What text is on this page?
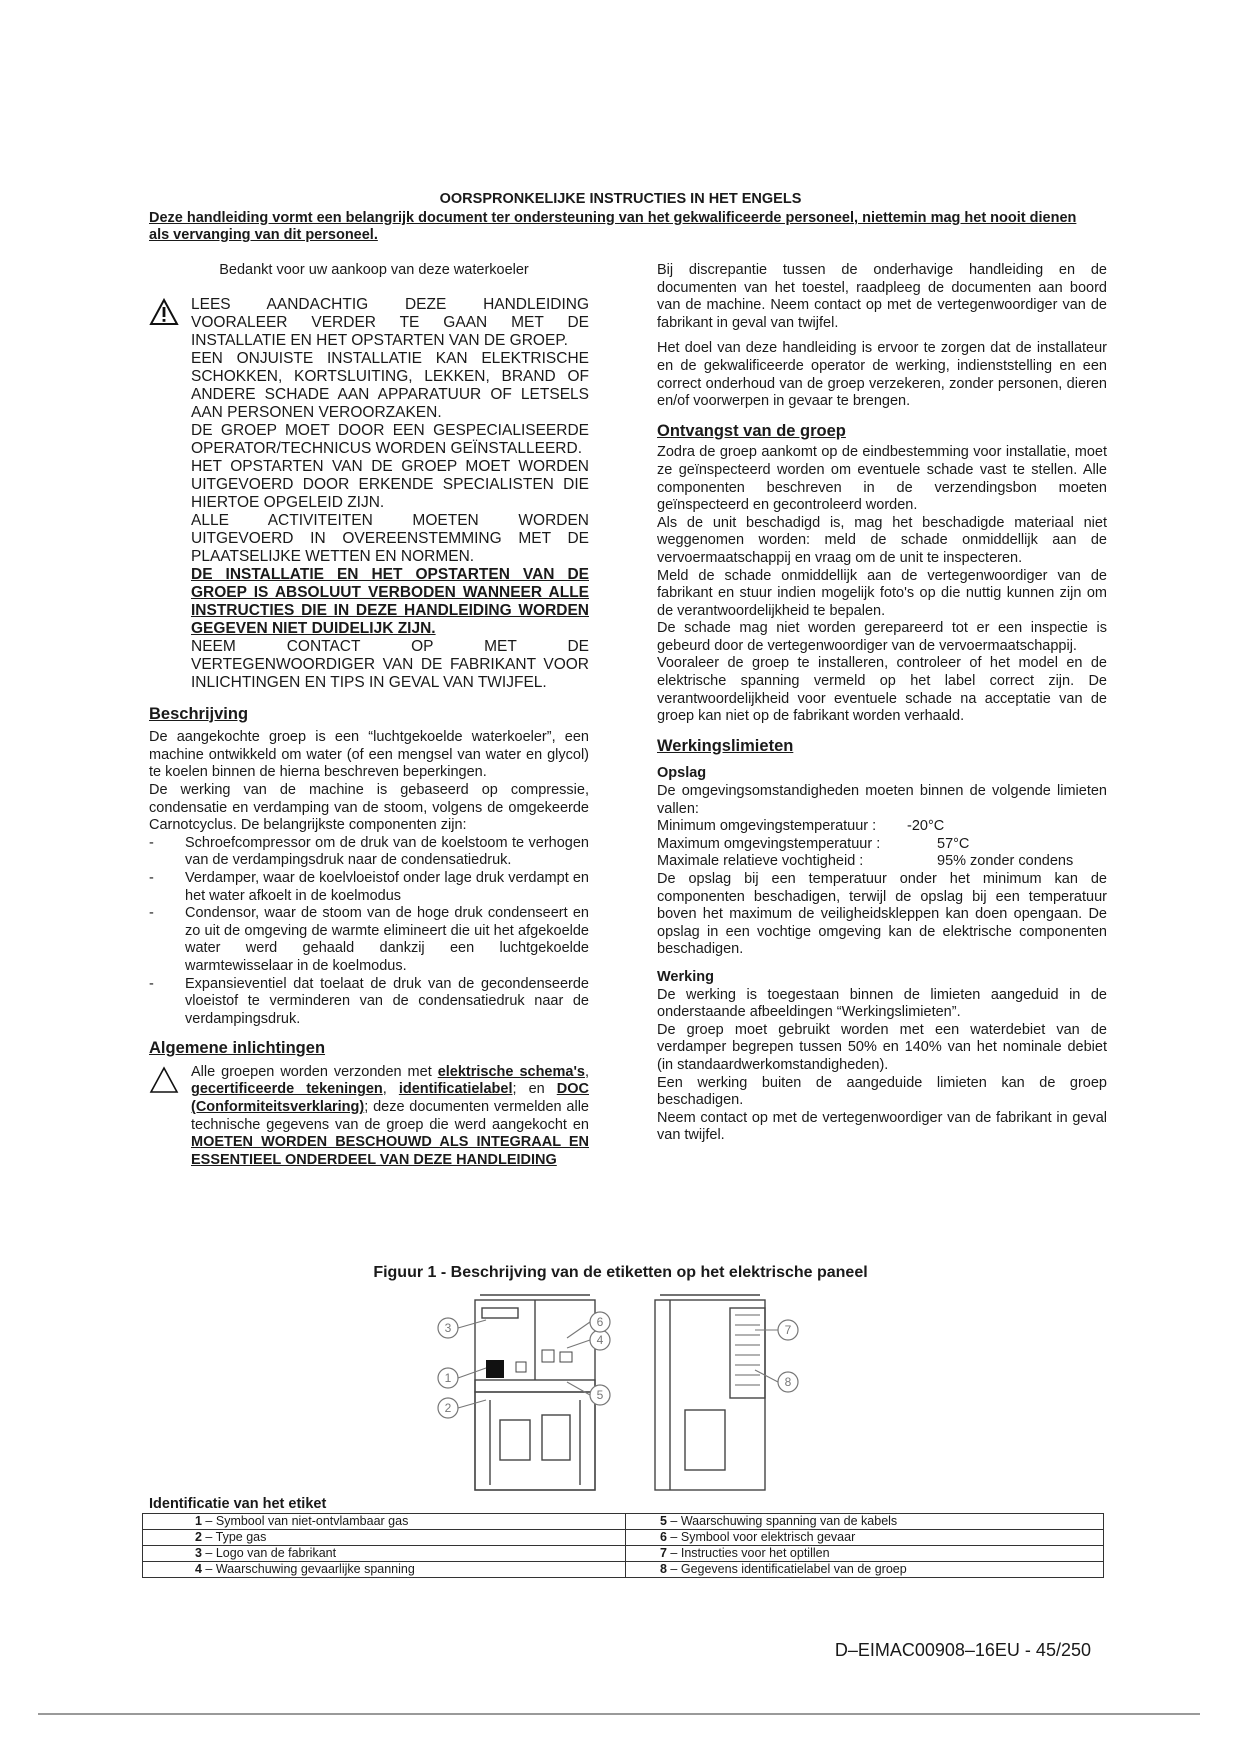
OORSPRONKELIJKE INSTRUCTIES IN HET ENGELS
Deze handleiding vormt een belangrijk document ter ondersteuning van het gekwalificeerde personeel, niettemin mag het nooit dienen als vervanging van dit personeel.

Bedankt voor uw aankoop van deze waterkoeler

LEES AANDACHTIG DEZE HANDLEIDING VOORALEER VERDER TE GAAN MET DE INSTALLATIE EN HET OPSTARTEN VAN DE GROEP.

EEN ONJUISTE INSTALLATIE KAN ELEKTRISCHE SCHOKKEN, KORTSLUITING, LEKKEN, BRAND OF ANDERE SCHADE AAN APPARATUUR OF LETSELS AAN PERSONEN VEROORZAKEN.

DE GROEP MOET DOOR EEN GESPECIALISEERDE OPERATOR/TECHNICUS WORDEN GEÏNSTALLEERD.

HET OPSTARTEN VAN DE GROEP MOET WORDEN UITGEVOERD DOOR ERKENDE SPECIALISTEN DIE HIERTOE OPGELEID ZIJN.

ALLE ACTIVITEITEN MOETEN WORDEN UITGEVOERD IN OVEREENSTEMMING MET DE PLAATSELIJKE WETTEN EN NORMEN.

DE INSTALLATIE EN HET OPSTARTEN VAN DE GROEP IS ABSOLUUT VERBODEN WANNEER ALLE INSTRUCTIES DIE IN DEZE HANDLEIDING WORDEN GEGEVEN NIET DUIDELIJK ZIJN.

NEEM CONTACT OP MET DE VERTEGENWOORDIGER VAN DE FABRIKANT VOOR INLICHTINGEN EN TIPS IN GEVAL VAN TWIJFEL.

Beschrijving

De aangekochte groep is een “luchtgekoelde waterkoeler”, een machine ontwikkeld om water (of een mengsel van water en glycol) te koelen binnen de hierna beschreven beperkingen.

De werking van de machine is gebaseerd op compressie, condensatie en verdamping van de stoom, volgens de omgekeerde Carnotcyclus. De belangrijkste componenten zijn:

-	Schroefcompressor om de druk van de koelstoom te verhogen van de verdampingsdruk naar de condensatiedruk.
-	Verdamper, waar de koelvloeistof onder lage druk verdampt en het water afkoelt in de koelmodus
-	Condensor, waar de stoom van de hoge druk condenseert en zo uit de omgeving de warmte elimineert die uit het afgekoelde water werd gehaald dankzij een luchtgekoelde warmtewisselaar in de koelmodus.
-	Expansieventiel dat toelaat de druk van de gecondenseerde vloeistof te verminderen van de condensatiedruk naar de verdampingsdruk.
Algemene inlichtingen

Alle groepen worden verzonden met elektrische schema's, gecertificeerde tekeningen, identificatielabel; en DOC (Conformiteitsverklaring); deze documenten vermelden alle technische gegevens van de groep die werd aangekocht en MOETEN WORDEN BESCHOUWD ALS INTEGRAAL EN ESSENTIEEL ONDERDEEL VAN DEZE HANDLEIDING

Bij discrepantie tussen de onderhavige handleiding en de documenten van het toestel, raadpleeg de documenten aan boord van de machine. Neem contact op met de vertegenwoordiger van de fabrikant in geval van twijfel.

Het doel van deze handleiding is ervoor te zorgen dat de installateur en de gekwalificeerde operator de werking, indienststelling en een correct onderhoud van de groep verzekeren, zonder personen, dieren en/of voorwerpen in gevaar te brengen.

Ontvangst van de groep

Zodra de groep aankomt op de eindbestemming voor installatie, moet ze geïnspecteerd worden om eventuele schade vast te stellen. Alle componenten beschreven in de verzendingsbon moeten geïnspecteerd en gecontroleerd worden.

Als de unit beschadigd is, mag het beschadigde materiaal niet weggenomen worden: meld de schade onmiddellijk aan de vervoermaatschappij en vraag om de unit te inspecteren.

Meld de schade onmiddellijk aan de vertegenwoordiger van de fabrikant en stuur indien mogelijk foto's op die nuttig kunnen zijn om de verantwoordelijkheid te bepalen.

De schade mag niet worden gerepareerd tot er een inspectie is gebeurd door de vertegenwoordiger van de vervoermaatschappij.

Vooraleer de groep te installeren, controleer of het model en de elektrische spanning vermeld op het label correct zijn. De verantwoordelijkheid voor eventuele schade na acceptatie van de groep kan niet op de fabrikant worden verhaald.

Werkingslimieten
Opslag

De omgevingsomstandigheden moeten binnen de volgende limieten vallen:

Minimum omgevingstemperatuur :	-20°C
Maximum omgevingstemperatuur :	57°C
Maximale relatieve vochtigheid :	95% zonder condens

De opslag bij een temperatuur onder het minimum kan de componenten beschadigen, terwijl de opslag bij een temperatuur boven het maximum de veiligheidskleppen kan doen opengaan. De opslag in een vochtige omgeving kan de elektrische componenten beschadigen.

Werking

De werking is toegestaan binnen de limieten aangeduid in de onderstaande afbeeldingen “Werkingslimieten”.

De groep moet gebruikt worden met een waterdebiet van de verdamper begrepen tussen 50% en 140% van het nominale debiet (in standaardwerkomstandigheden).

Een werking buiten de aangeduide limieten kan de groep beschadigen.

Neem contact op met de vertegenwoordiger van de fabrikant in geval van twijfel.

Figuur 1 - Beschrijving van de etiketten op het elektrische paneel
1
2
3
4
5
6
7
8
Identificatie van het etiket
1 – Symbool van niet-ontvlambaar gas	5 – Waarschuwing spanning van de kabels
2 – Type gas	6 – Symbool voor elektrisch gevaar
3 – Logo van de fabrikant	7 – Instructies voor het optillen
4 – Waarschuwing gevaarlijke spanning	8 – Gegevens identificatielabel van de groep
D–EIMAC00908–16EU - 45/250
